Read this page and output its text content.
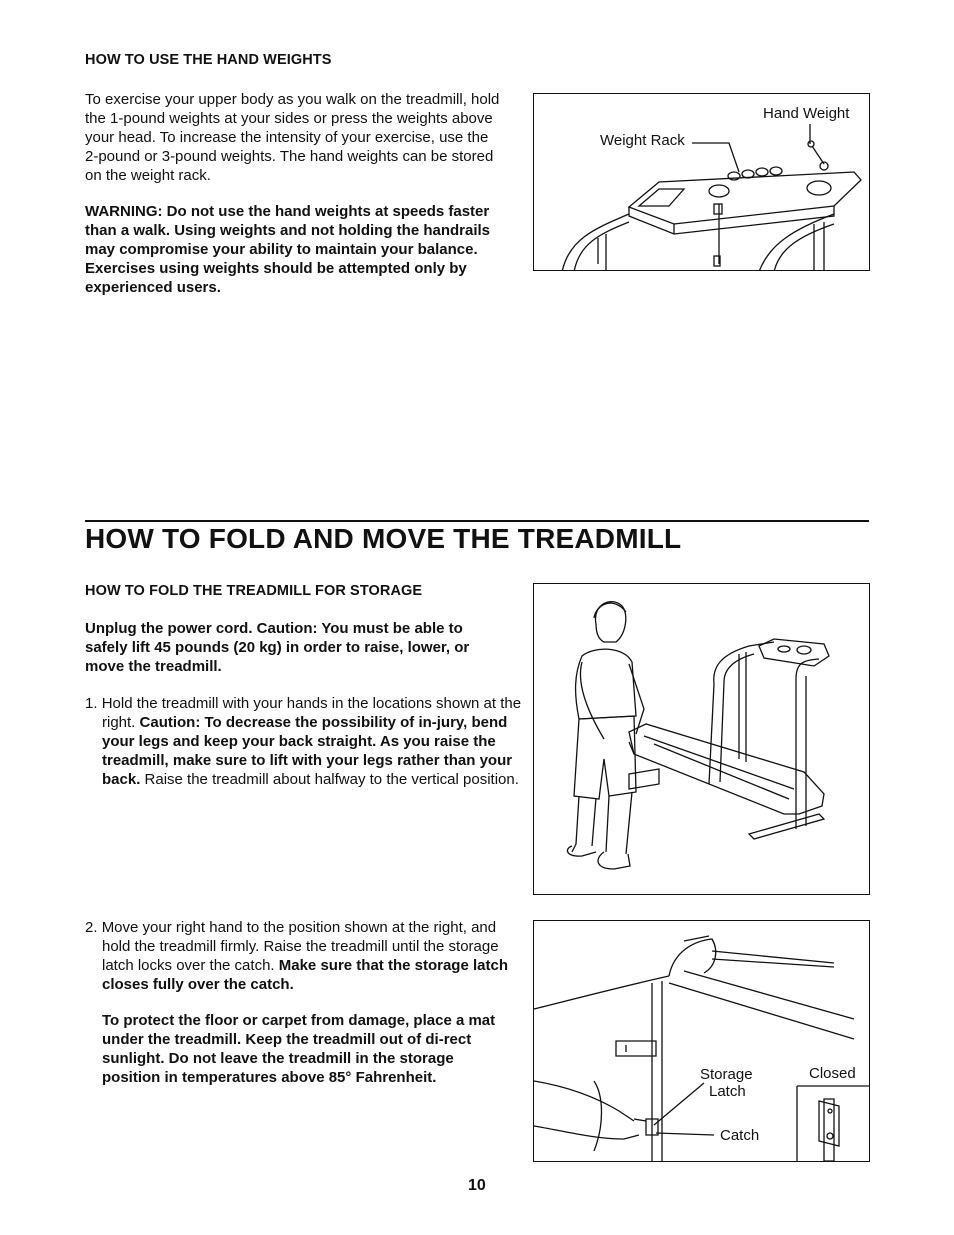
HOW TO USE THE HAND WEIGHTS
To exercise your upper body as you walk on the treadmill, hold the 1-pound weights at your sides or press the weights above your head. To increase the intensity of your exercise, use the 2-pound or 3-pound weights. The hand weights can be stored on the weight rack.
WARNING: Do not use the hand weights at speeds faster than a walk. Using weights and not holding the handrails may compromise your ability to maintain your balance. Exercises using weights should be attempted only by experienced users.
Hand Weight
Weight Rack
HOW TO FOLD AND MOVE THE TREADMILL
HOW TO FOLD THE TREADMILL FOR STORAGE
Unplug the power cord. Caution: You must be able to safely lift 45 pounds (20 kg) in order to raise, lower, or move the treadmill.
1. Hold the treadmill with your hands in the locations shown at the right. Caution: To decrease the possibility of in-jury, bend your legs and keep your back straight. As you raise the treadmill, make sure to lift with your legs rather than your back. Raise the treadmill about halfway to the vertical position.
2. Move your right hand to the position shown at the right, and hold the treadmill firmly. Raise the treadmill until the storage latch locks over the catch. Make sure that the storage latch closes fully over the catch.
To protect the floor or carpet from damage, place a mat under the treadmill. Keep the treadmill out of di-rect sunlight. Do not leave the treadmill in the storage position in temperatures above 85° Fahrenheit.	Storage
Latch
Catch
Closed
10
